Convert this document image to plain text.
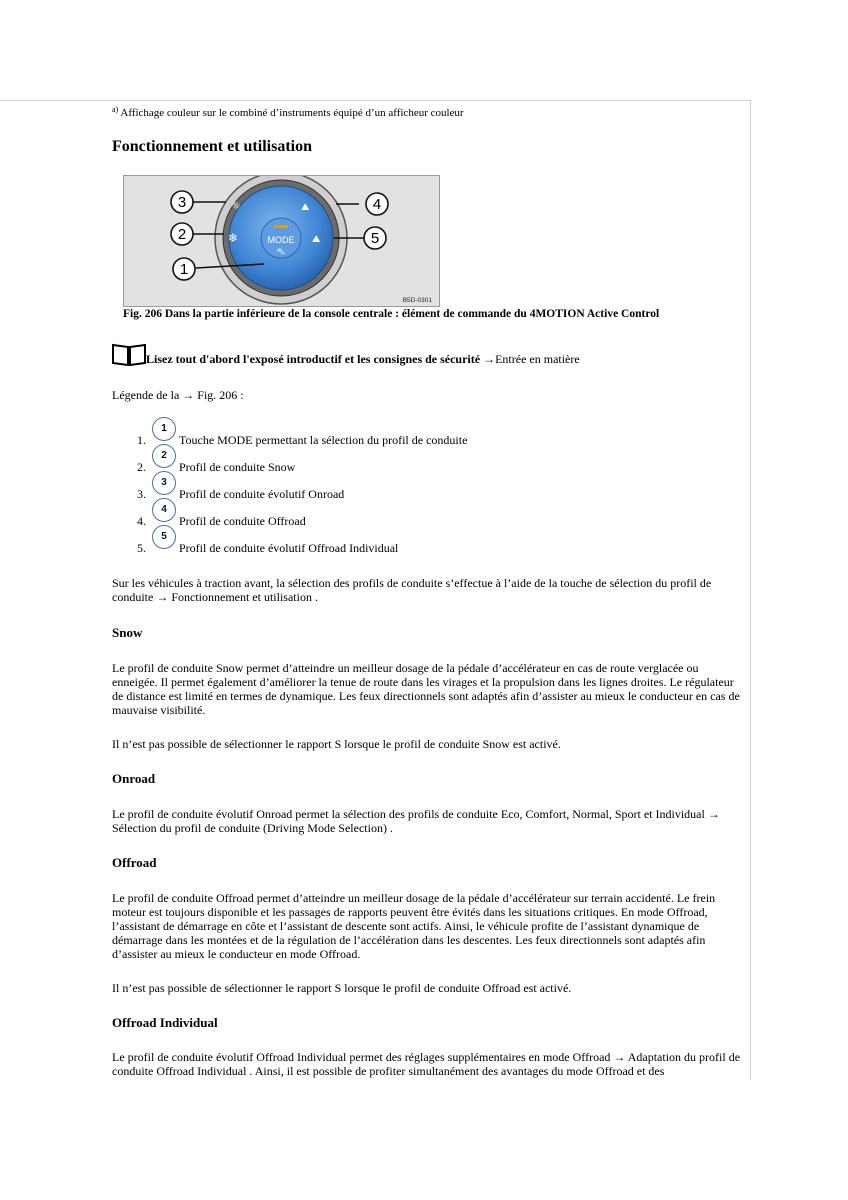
$^{a)}$ Affichage couleur sur le combiné d’instruments équipé d’un afficheur couleur
Fonctionnement et utilisation
MODE
⛍
⛗
❄
⛰
⛰
3	4
2	5
1
B5D-0301
Fig. 206 Dans la partie inférieure de la console centrale : élément de commande du 4MOTION Active Control
Lisez tout d'abord l'exposé introductif et les consignes de sécurité
→Entrée en matière
Légende de la → Fig. 206 :
1.
1
Touche MODE permettant la sélection du profil de conduite
2.
2
Profil de conduite Snow
3.
3
Profil de conduite évolutif Onroad
4.
4
Profil de conduite Offroad
5.
5
Profil de conduite évolutif Offroad Individual

Sur les véhicules à traction avant, la sélection des profils de conduite s’effectue à l’aide de la touche de sélection du profil de conduite → Fonctionnement et utilisation .

Snow

Le profil de conduite Snow permet d’atteindre un meilleur dosage de la pédale d’accélérateur en cas de route verglacée ou enneigée. Il permet également d’améliorer la tenue de route dans les virages et la propulsion dans les lignes droites. Le régulateur de distance est limité en termes de dynamique. Les feux directionnels sont adaptés afin d’assister au mieux le conducteur en cas de mauvaise visibilité.

Il n’est pas possible de sélectionner le rapport S lorsque le profil de conduite Snow est activé.

Onroad

Le profil de conduite évolutif Onroad permet la sélection des profils de conduite Eco, Comfort, Normal, Sport et Individual → Sélection du profil de conduite (Driving Mode Selection) .

Offroad

Le profil de conduite Offroad permet d’atteindre un meilleur dosage de la pédale d’accélérateur sur terrain accidenté. Le frein moteur est toujours disponible et les passages de rapports peuvent être évités dans les situations critiques. En mode Offroad, l’assistant de démarrage en côte et l’assistant de descente sont actifs. Ainsi, le véhicule profite de l’assistant dynamique de démarrage dans les montées et de la régulation de l’accélération dans les descentes. Les feux directionnels sont adaptés afin d’assister au mieux le conducteur en mode Offroad.

Il n’est pas possible de sélectionner le rapport S lorsque le profil de conduite Offroad est activé.

Offroad Individual

Le profil de conduite évolutif Offroad Individual permet des réglages supplémentaires en mode Offroad → Adaptation du profil de conduite Offroad Individual . Ainsi, il est possible de profiter simultanément des avantages du mode Offroad et des
